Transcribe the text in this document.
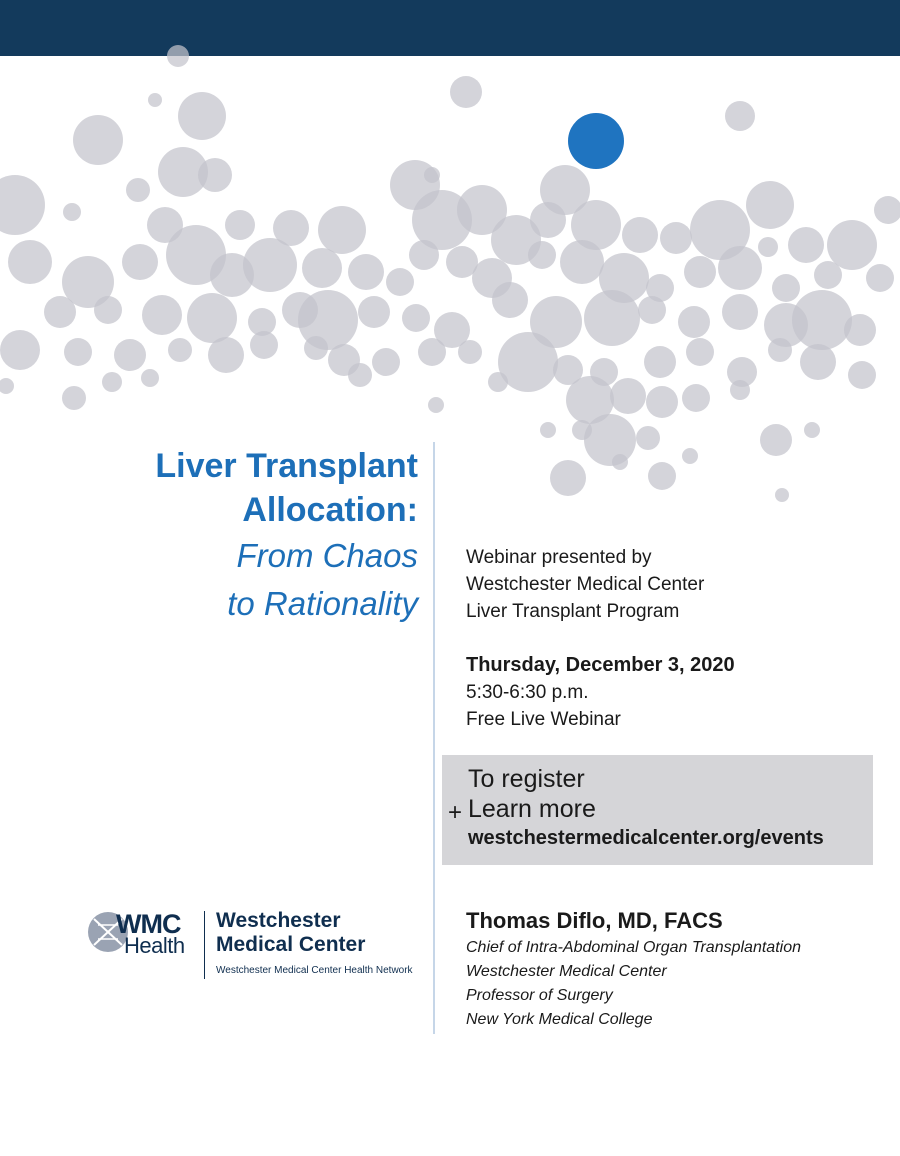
Liver Transplant

Allocation:

From Chaos

to Rationality

Webinar presented by
Westchester Medical Center
Liver Transplant Program
Thursday, December 3, 2020
5:30-6:30 p.m.
Free Live Webinar
+
To register
Learn more
westchestermedicalcenter.org/events
WMC
Health
Westchester
Medical Center
Westchester Medical Center Health Network
Thomas Diflo, MD, FACS
Chief of Intra-Abdominal Organ Transplantation
Westchester Medical Center
Professor of Surgery
New York Medical College
